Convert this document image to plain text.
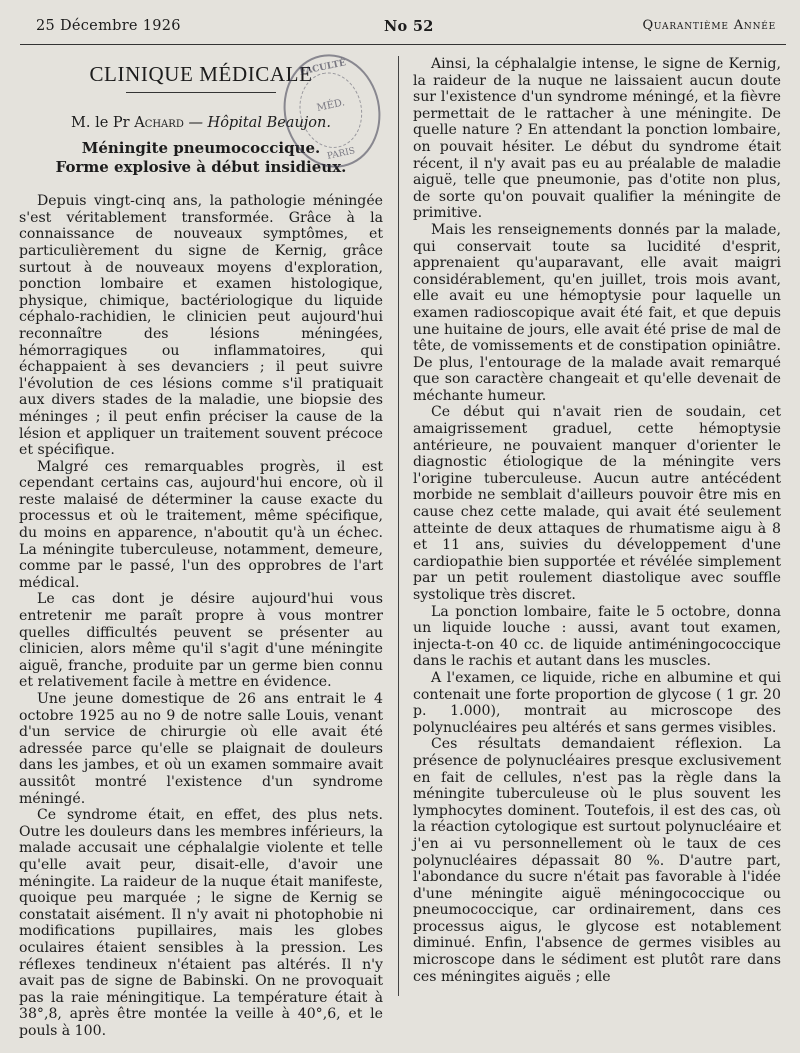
25 Décembre 1926	No 52	Quarantième Année
CLINIQUE MÉDICALE
M. le Pr Achard — Hôpital Beaujon.
Méningite pneumococcique.
Forme explosive à début insidieux.

Depuis vingt-cinq ans, la pathologie méningée s'est véritablement transformée. Grâce à la connaissance de nouveaux symptômes, et particulièrement du signe de Kernig, grâce surtout à de nouveaux moyens d'exploration, ponction lombaire et examen histologique, physique, chimique, bactériologique du liquide céphalo-rachidien, le clinicien peut aujourd'hui reconnaître des lésions méningées, hémorragiques ou inflammatoires, qui échappaient à ses devanciers ; il peut suivre l'évolution de ces lésions comme s'il pratiquait aux divers stades de la maladie, une biopsie des méninges ; il peut enfin préciser la cause de la lésion et appliquer un traitement souvent précoce et spécifique.

Malgré ces remarquables progrès, il est cependant certains cas, aujourd'hui encore, où il reste malaisé de déterminer la cause exacte du processus et où le traitement, même spécifique, du moins en apparence, n'aboutit qu'à un échec. La méningite tuberculeuse, notamment, demeure, comme par le passé, l'un des opprobres de l'art médical.

Le cas dont je désire aujourd'hui vous entretenir me paraît propre à vous montrer quelles difficultés peuvent se présenter au clinicien, alors même qu'il s'agit d'une méningite aiguë, franche, produite par un germe bien connu et relativement facile à mettre en évidence.

Une jeune domestique de 26 ans entrait le 4 octobre 1925 au no 9 de notre salle Louis, venant d'un service de chirurgie où elle avait été adressée parce qu'elle se plaignait de douleurs dans les jambes, et où un examen sommaire avait aussitôt montré l'existence d'un syndrome méningé.

Ce syndrome était, en effet, des plus nets. Outre les douleurs dans les membres inférieurs, la malade accusait une céphalalgie violente et telle qu'elle avait peur, disait-elle, d'avoir une méningite. La raideur de la nuque était manifeste, quoique peu marquée ; le signe de Kernig se constatait aisément. Il n'y avait ni photophobie ni modifications pupillaires, mais les globes oculaires étaient sensibles à la pression. Les réflexes tendineux n'étaient pas altérés. Il n'y avait pas de signe de Babinski. On ne provoquait pas la raie méningitique. La température était à 38°,8, après être montée la veille à 40°,6, et le pouls à 100.

Ainsi, la céphalalgie intense, le signe de Kernig, la raideur de la nuque ne laissaient aucun doute sur l'existence d'un syndrome méningé, et la fièvre permettait de le rattacher à une méningite. De quelle nature ? En attendant la ponction lombaire, on pouvait hésiter. Le début du syndrome était récent, il n'y avait pas eu au préalable de maladie aiguë, telle que pneumonie, pas d'otite non plus, de sorte qu'on pouvait qualifier la méningite de primitive.

Mais les renseignements donnés par la malade, qui conservait toute sa lucidité d'esprit, apprenaient qu'auparavant, elle avait maigri considérablement, qu'en juillet, trois mois avant, elle avait eu une hémoptysie pour laquelle un examen radioscopique avait été fait, et que depuis une huitaine de jours, elle avait été prise de mal de tête, de vomissements et de constipation opiniâtre. De plus, l'entourage de la malade avait remarqué que son caractère changeait et qu'elle devenait de méchante humeur.

Ce début qui n'avait rien de soudain, cet amaigrissement graduel, cette hémoptysie antérieure, ne pouvaient manquer d'orienter le diagnostic étiologique de la méningite vers l'origine tuberculeuse. Aucun autre antécédent morbide ne semblait d'ailleurs pouvoir être mis en cause chez cette malade, qui avait été seulement atteinte de deux attaques de rhumatisme aigu à 8 et 11 ans, suivies du développement d'une cardiopathie bien supportée et révélée simplement par un petit roulement diastolique avec souffle systolique très discret.

La ponction lombaire, faite le 5 octobre, donna un liquide louche : aussi, avant tout examen, injecta-t-on 40 cc. de liquide antiméningococcique dans le rachis et autant dans les muscles.

A l'examen, ce liquide, riche en albumine et qui contenait une forte proportion de glycose ( 1 gr. 20 p. 1.000), montrait au microscope des polynucléaires peu altérés et sans germes visibles.

Ces résultats demandaient réflexion. La présence de polynucléaires presque exclusivement en fait de cellules, n'est pas la règle dans la méningite tuberculeuse où le plus souvent les lymphocytes dominent. Toutefois, il est des cas, où la réaction cytologique est surtout polynucléaire et j'en ai vu personnellement où le taux de ces polynucléaires dépassait 80 %. D'autre part, l'abondance du sucre n'était pas favorable à l'idée d'une méningite aiguë méningococcique ou pneumococcique, car ordinairement, dans ces processus aigus, le glycose est notablement diminué. Enfin, l'absence de germes visibles au microscope dans le sédiment est plutôt rare dans ces méningites aiguës ; elle

FACULTÉ
MÉD.
PARIS
